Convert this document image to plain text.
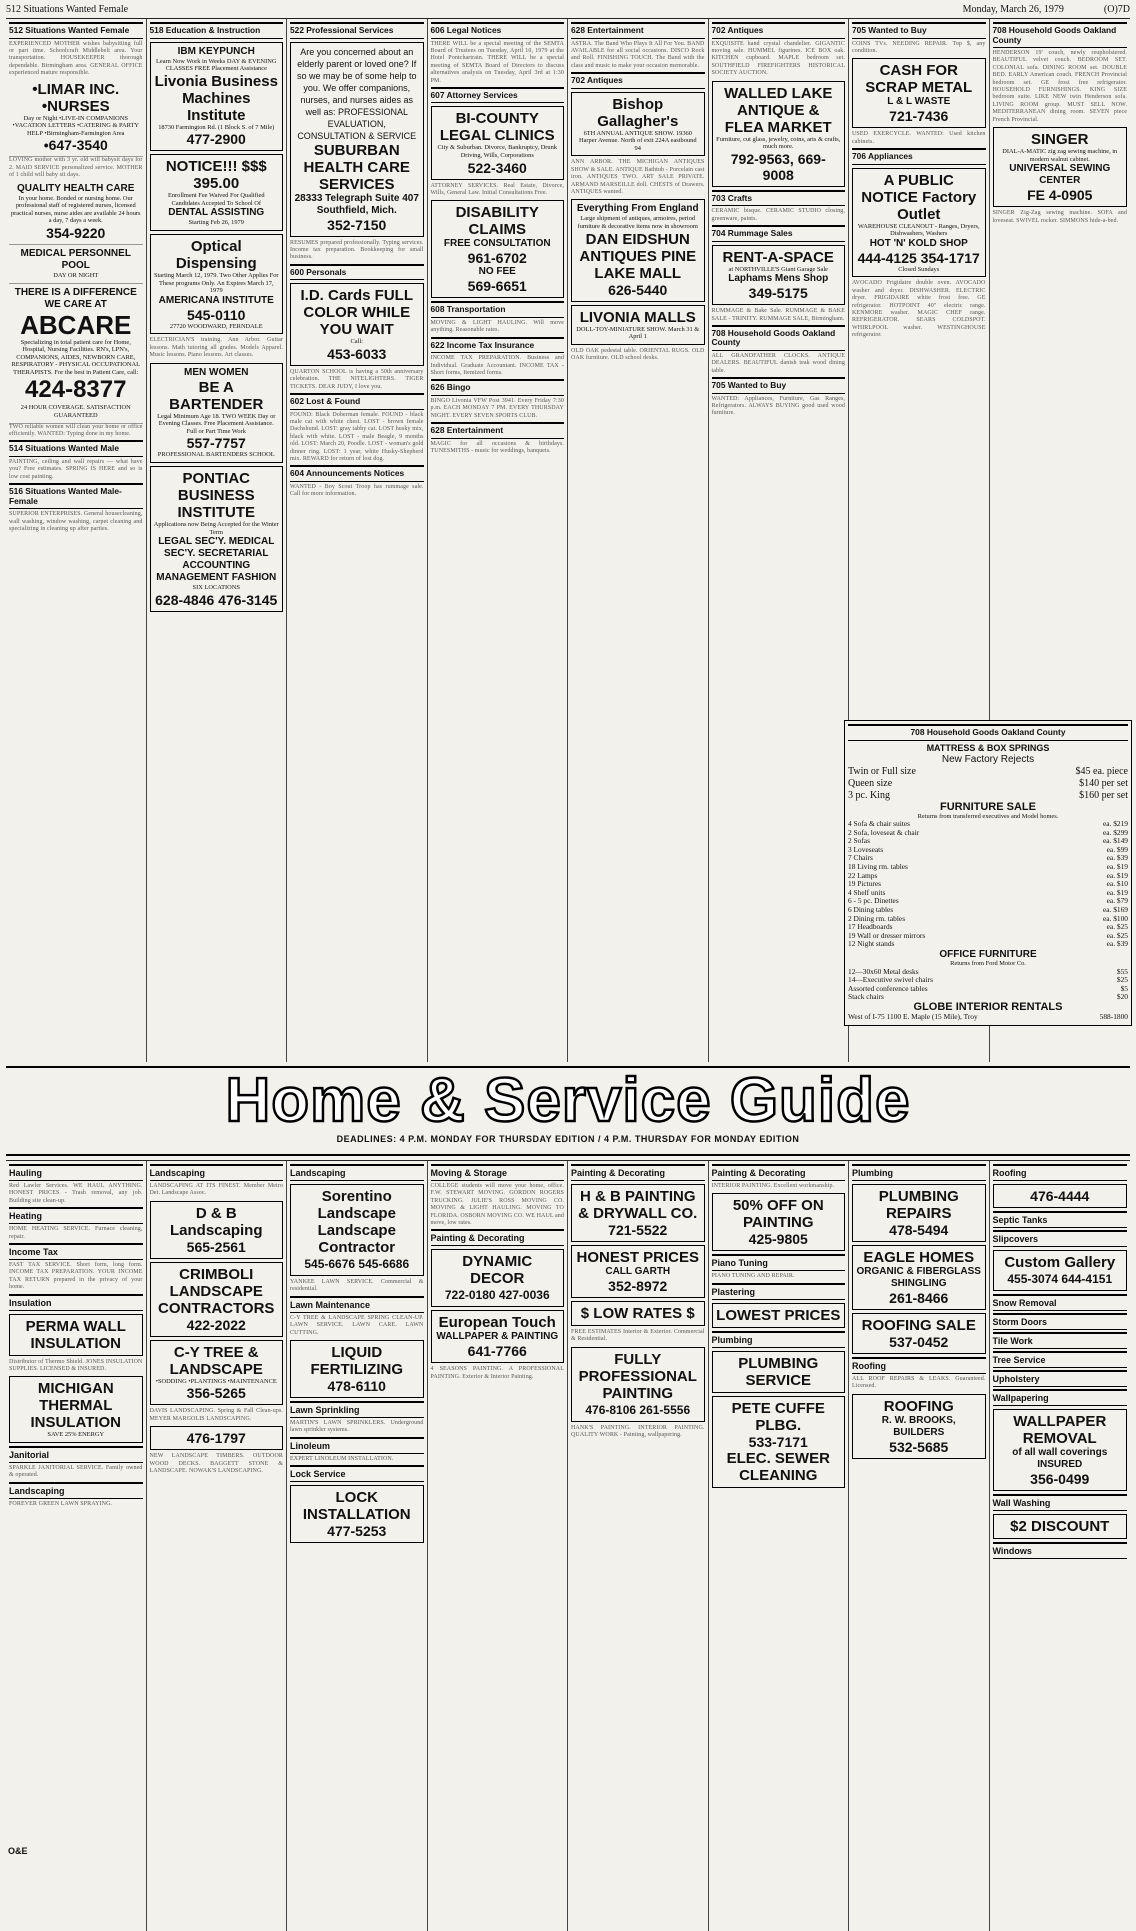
512 Situations Wanted Female	Monday, March 26, 1979	(O)7D
512 Situations Wanted Female
EXPERIENCED MOTHER wishes babysitting full or part time. Schoolcraft Middlebelt area. Your transportation. HOUSEKEEPER thorough dependable. Birmingham area. GENERAL OFFICE experienced mature responsible.
•LIMAR INC. •NURSES
Day or Night •LIVE-IN COMPANIONS •VACATION LETTERS •CATERING & PARTY HELP •Birmingham-Farmington Area
•647-3540
LOVING mother with 3 yr. old will babysit days for 2. MAID SERVICE personalized service. MOTHER of 1 child will baby sit days.
QUALITY HEALTH CARE
In your home. Bonded or nursing home. Our professional staff of registered nurses, licensed practical nurses, nurse aides are available 24 hours a day, 7 days a week.
354-9220
MEDICAL PERSONNEL POOL
DAY OR NIGHT
THERE IS A DIFFERENCE WE CARE AT
ABCARE
Specializing in total patient care for Home, Hospital, Nursing Facilities. RN's, LPN's, COMPANIONS, AIDES, NEWBORN CARE, RESPIRATORY - PHYSICAL OCCUPATIONAL THERAPISTS. For the best in Patient Care, call:
424-8377
24 HOUR COVERAGE. SATISFACTION GUARANTEED
TWO reliable women will clean your home or office efficiently. WANTED: Typing done in my home.
514 Situations Wanted Male
PAINTING, ceiling and wall repairs — what have you? Free estimates. SPRING IS HERE and so is low cost painting.
516 Situations Wanted Male-Female
SUPERIOR ENTERPRISES. General housecleaning, wall washing, window washing, carpet cleaning and specializing in cleaning up after parties.
518 Education & Instruction
IBM KEYPUNCH
Learn Now Work in Weeks DAY & EVENING CLASSES FREE Placement Assistance
Livonia Business Machines Institute
18730 Farmington Rd. (1 Block S. of 7 Mile)
477-2900
NOTICE!!! $$$ 395.00
Enrollment Fee Waived For Qualified Candidates Accepted To School Of
DENTAL ASSISTING
Starting Feb 26, 1979
Optical Dispensing
Starting March 12, 1979. Two Other Applies For These programs Only. An Expires March 17, 1979
AMERICANA INSTITUTE
545-0110
27720 WOODWARD, FERNDALE
ELECTRICIAN'S training. Ann Arbor. Guitar lessons. Math tutoring all grades. Models Apparel. Music lessons. Piano lessons. Art classes.
MEN WOMEN
BE A BARTENDER
Legal Minimum Age 18. TWO WEEK Day or Evening Classes. Free Placement Assistance. Full or Part Time Work
557-7757
PROFESSIONAL BARTENDERS SCHOOL
PONTIAC BUSINESS INSTITUTE
Applications now Being Accepted for the Winter Term
LEGAL SEC'Y. MEDICAL SEC'Y. SECRETARIAL ACCOUNTING MANAGEMENT FASHION
SIX LOCATIONS
628-4846 476-3145
522 Professional Services
Are you concerned about an elderly parent or loved one? If so we may be of some help to you. We offer companions, nurses, and nurses aides as well as: PROFESSIONAL EVALUATION, CONSULTATION & SERVICE
SUBURBAN HEALTH CARE SERVICES
28333 Telegraph Suite 407 Southfield, Mich.
352-7150
RESUMES prepared professionally. Typing services. Income tax preparation. Bookkeeping for small business.
600 Personals
I.D. Cards FULL COLOR WHILE YOU WAIT
Call:
453-6033
QUARTON SCHOOL is having a 50th anniversary celebration. THE NITELIGHTERS. TIGER TICKETS. DEAR JUDY, I love you.
602 Lost & Found
FOUND: Black Doberman female. FOUND - black male cat with white chest. LOST - brown female Dachshund. LOST: gray tabby cat. LOST husky mix, black with white. LOST - male Beagle, 9 months old. LOST: March 20, Poodle. LOST - woman's gold dinner ring. LOST: 1 year, white Husky-Shepherd mix. REWARD for return of lost dog.
604 Announcements Notices
WANTED - Boy Scout Troop has rummage sale. Call for more information.
606 Legal Notices
THERE WILL be a special meeting of the SEMTA Board of Trustees on Tuesday, April 10, 1979 at the Hotel Pontchartrain. THERE WILL be a special meeting of SEMTA Board of Directors to discuss alternatives analysis on Tuesday, April 3rd at 1:30 PM.
607 Attorney Services
BI-COUNTY LEGAL CLINICS
City & Suburban. Divorce, Bankruptcy, Drunk Driving, Wills, Corporations
522-3460
ATTORNEY SERVICES. Real Estate, Divorce, Wills, General Law. Initial Consultations Free.
DISABILITY CLAIMS
FREE CONSULTATION
961-6702
NO FEE
569-6651
608 Transportation
MOVING & LIGHT HAULING. Will move anything. Reasonable rates.
622 Income Tax Insurance
INCOME TAX PREPARATION. Business and Individual. Graduate Accountant. INCOME TAX - Short forms, Itemized forms.
626 Bingo
BINGO Livonia VFW Post 3941. Every Friday 7:30 p.m. EACH MONDAY 7 PM. EVERY THURSDAY NIGHT. EVERY SEVEN SPORTS CLUB.
628 Entertainment
MAGIC for all occasions & birthdays. TUNESMITHS - music for weddings, banquets.
628 Entertainment
ASTRA. The Band Who Plays It All For You. BAND AVAILABLE for all social occasions. DISCO Rock and Roll. FINISHING TOUCH. The Band with the class and music to make your occasion memorable.
702 Antiques
Bishop Gallagher's
6TH ANNUAL ANTIQUE SHOW. 19360 Harper Avenue. North of exit 224A eastbound 94
ANN ARBOR. THE MICHIGAN ANTIQUES SHOW & SALE. ANTIQUE Bathtub - Porcelain cast iron. ANTIQUES TWO. ART SALE PRIVATE. ARMAND MARSEILLE doll. CHESTS of Drawers. ANTIQUES wanted.
Everything From England
Large shipment of antiques, armoires, period furniture & decorative items now in showroom
DAN EIDSHUN ANTIQUES PINE LAKE MALL
626-5440
LIVONIA MALLS
DOLL-TOY-MINIATURE SHOW. March 31 & April 1
OLD OAK pedestal table. ORIENTAL RUGS. OLD OAK furniture. OLD school desks.
702 Antiques
EXQUISITE hand crystal chandelier. GIGANTIC moving sale. HUMMEL figurines. ICE BOX oak. KITCHEN cupboard. MAPLE bedroom set. SOUTHFIELD FIREFIGHTERS HISTORICAL SOCIETY AUCTION.
WALLED LAKE ANTIQUE & FLEA MARKET
Furniture, cut glass, jewelry, coins, arts & crafts, much more.
792-9563, 669-9008
703 Crafts
CERAMIC bisque. CERAMIC STUDIO closing, greenware, paints.
704 Rummage Sales
RENT-A-SPACE
at NORTHVILLE'S Giant Garage Sale
Laphams Mens Shop
349-5175
RUMMAGE & Bake Sale. RUMMAGE & BAKE SALE - TRINITY. RUMMAGE SALE, Birmingham.
708 Household Goods Oakland County
ALL GRANDFATHER CLOCKS. ANTIQUE DEALERS. BEAUTIFUL danish teak wood dining table.
705 Wanted to Buy
WANTED: Appliances, Furniture, Gas Ranges, Refrigerators. ALWAYS BUYING good used wood furniture.
705 Wanted to Buy
COINS TVs. NEEDING REPAIR. Top $, any condition.
CASH FOR SCRAP METAL
L & L WASTE
721-7436
USED EXERCYCLE. WANTED: Used kitchen cabinets.
706 Appliances
A PUBLIC NOTICE Factory Outlet
WAREHOUSE CLEANOUT - Ranges, Dryers, Dishwashers, Washers
HOT 'N' KOLD SHOP
444-4125 354-1717
Closed Sundays
AVOCADO Frigidaire double oven. AVOCADO washer and dryer. DISHWASHER. ELECTRIC dryer. FRIGIDAIRE white frost free. GE refrigerator. HOTPOINT 40" electric range. KENMORE washer. MAGIC CHEF range. REFRIGERATOR. SEARS COLDSPOT. WHIRLPOOL washer. WESTINGHOUSE refrigerator.
708 Household Goods Oakland County
HENDERSON 19' couch, newly reupholstered. BEAUTIFUL velvet couch. BEDROOM SET. COLONIAL sofa. DINING ROOM set. DOUBLE BED. EARLY American couch. FRENCH Provincial bedroom set. GE frost free refrigerator. HOUSEHOLD FURNISHINGS. KING SIZE bedroom suite. LIKE NEW twin Henderson sofa. LIVING ROOM group. MUST SELL NOW. MEDITERRANEAN dining room. SEVEN piece French Provincial.
SINGER
DIAL-A-MATIC zig zag sewing machine, in modern walnut cabinet.
UNIVERSAL SEWING CENTER
FE 4-0905
SINGER Zig-Zag sewing machine. SOFA and loveseat. SWIVEL rocker. SIMMONS hide-a-bed.
708 Household Goods Oakland County
MATTRESS & BOX SPRINGS
New Factory Rejects
Twin or Full size	$45 ea. piece
Queen size	$140 per set
3 pc. King	$160 per set
FURNITURE SALE
Returns from transferred executives and Model homes.
4 Sofa & chair suites	ea. $219
2 Sofa, loveseat & chair	ea. $299
2 Sofas	ea. $149
3 Loveseats	ea. $99
7 Chairs	ea. $39
18 Living rm. tables	ea. $19
22 Lamps	ea. $19
19 Pictures	ea. $10
4 Shelf units	ea. $19
6 - 5 pc. Dinettes	ea. $79
6 Dining tables	ea. $169
2 Dining rm. tables	ea. $100
17 Headboards	ea. $25
19 Wall or dresser mirrors	ea. $25
12 Night stands	ea. $39
OFFICE FURNITURE
Returns from Ford Motor Co.
12—30x60 Metal desks	$55
14—Executive swivel chairs	$25
Assorted conference tables	$5
Stack chairs	$20
GLOBE INTERIOR RENTALS
West of I-75 1100 E. Maple (15 Mile), Troy	588-1800
Home & Service Guide
DEADLINES: 4 P.M. MONDAY FOR THURSDAY EDITION / 4 P.M. THURSDAY FOR MONDAY EDITION
Hauling
Red Lawler Services. WE HAUL ANYTHING. HONEST PRICES - Trash removal, any job. Building site clean-up.
Heating
HOME HEATING SERVICE. Furnace cleaning, repair.
Income Tax
FAST TAX SERVICE. Short form, long form. INCOME TAX PREPARATION. YOUR INCOME TAX RETURN prepared in the privacy of your home.
Insulation
PERMA WALL INSULATION
Distributor of Thermo Shield. JONES INSULATION SUPPLIES. LICENSED & INSURED.
MICHIGAN THERMAL INSULATION
SAVE 25% ENERGY
Janitorial
SPARKLE JANITORIAL SERVICE. Family owned & operated.
Landscaping
FOREVER GREEN LAWN SPRAYING.
Landscaping
LANDSCAPING AT ITS FINEST. Member Metro Det. Landscape Assoc.
D & B Landscaping
565-2561
CRIMBOLI LANDSCAPE CONTRACTORS
422-2022
C-Y TREE & LANDSCAPE
•SODDING •PLANTINGS •MAINTENANCE
356-5265
DAVIS LANDSCAPING. Spring & Fall Clean-ups. MEYER MARGOLIS LANDSCAPING.
476-1797
NEW LANDSCAPE TIMBERS. OUTDOOR WOOD DECKS. BAGGETT STONE & LANDSCAPE. NOWAK'S LANDSCAPING.
Landscaping
Sorentino Landscape Landscape Contractor
545-6676 545-6686
YANKEE LAWN SERVICE. Commercial & residential.
Lawn Maintenance
C-Y TREE & LANDSCAPE SPRING CLEAN-UP. LAWN SERVICE. LAWN CARE. LAWN CUTTING.
LIQUID FERTILIZING
478-6110
Lawn Sprinkling
MARTIN'S LAWN SPRINKLERS. Underground lawn sprinkler systems.
Linoleum
EXPERT LINOLEUM INSTALLATION.
Lock Service
LOCK INSTALLATION
477-5253
Moving & Storage
COLLEGE students will move your home, office. F.W. STEWART MOVING. GORDON ROGERS TRUCKING. JULIE'S ROSS MOVING CO. MOVING & LIGHT HAULING. MOVING TO FLORIDA. OSBORN MOVING CO. WE HAUL and move, low rates.
Painting & Decorating
DYNAMIC DECOR
722-0180 427-0036
European Touch
WALLPAPER & PAINTING
641-7766
4 SEASONS PAINTING. A PROFESSIONAL PAINTING. Exterior & Interior Painting.
Painting & Decorating
H & B PAINTING & DRYWALL CO.
721-5522
HONEST PRICES
CALL GARTH
352-8972
$ LOW RATES $
FREE ESTIMATES Interior & Exterior. Commercial & Residential.
FULLY PROFESSIONAL PAINTING
476-8106 261-5556
HANK'S PAINTING. INTERIOR PAINTING. QUALITY WORK - Painting, wallpapering.
Painting & Decorating
INTERIOR PAINTING. Excellent workmanship.
50% OFF ON PAINTING
425-9805
Piano Tuning
PIANO TUNING AND REPAIR.
Plastering
LOWEST PRICES
Plumbing
PLUMBING SERVICE
PETE CUFFE PLBG.
533-7171
ELEC. SEWER CLEANING
Plumbing
PLUMBING REPAIRS
478-5494
EAGLE HOMES
ORGANIC & FIBERGLASS SHINGLING
261-8466
ROOFING SALE
537-0452
Roofing
ALL ROOF REPAIRS & LEAKS. Guaranteed. Licensed.
ROOFING
R. W. BROOKS, BUILDERS
532-5685
Roofing
476-4444
Septic Tanks
Slipcovers
Custom Gallery
455-3074 644-4151
Snow Removal
Storm Doors
Tile Work
Tree Service
Upholstery
Wallpapering
WALLPAPER REMOVAL
of all wall coverings INSURED
356-0499
Wall Washing
$2 DISCOUNT
Windows
O&E
